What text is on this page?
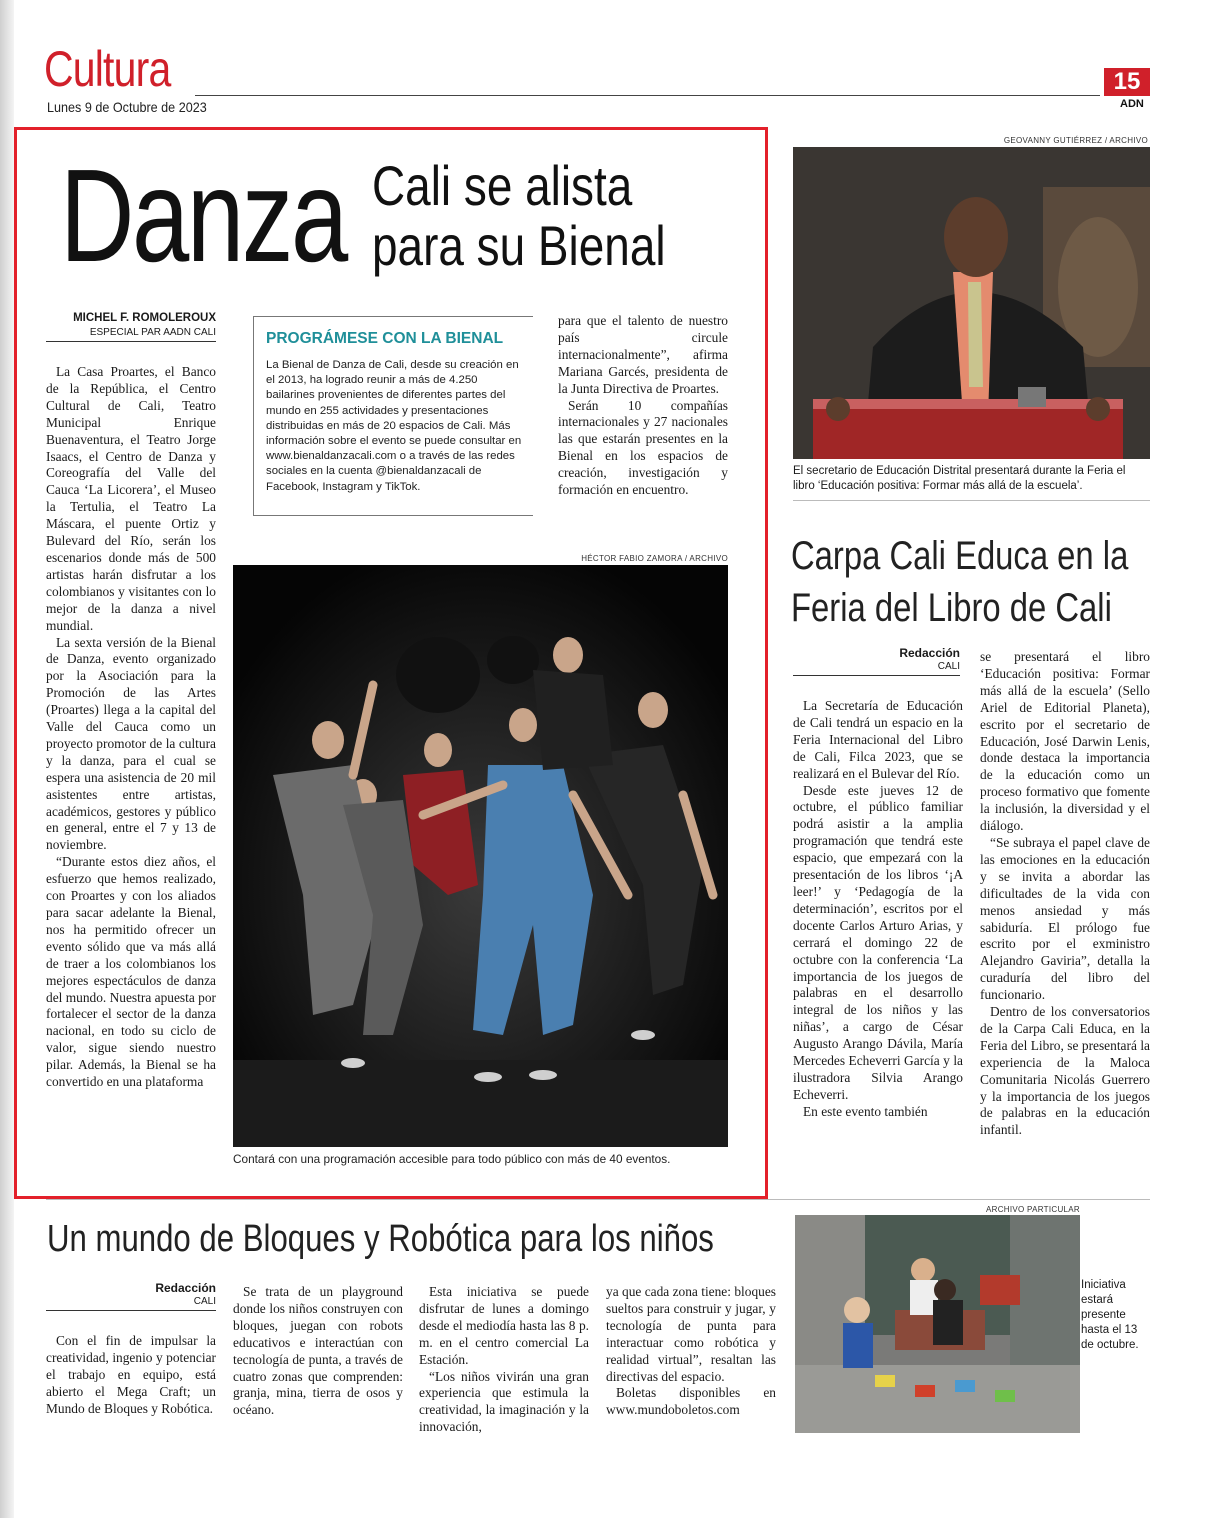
Cultura
Lunes 9 de Octubre de 2023
15
ADN
Danza Cali se alista
para su Bienal
MICHEL F. ROMOLEROUX
ESPECIAL PAR AADN CALI

La Casa Proartes, el Banco de la República, el Centro Cultural de Cali, Teatro Municipal Enrique Buenaventura, el Teatro Jorge Isaacs, el Centro de Danza y Coreografía del Valle del Cauca ‘La Licorera’, el Museo la Tertulia, el Teatro La Máscara, el puente Ortiz y Bulevard del Río, serán los escenarios donde más de 500 artistas harán disfrutar a los colombianos y visitantes con lo mejor de la danza a nivel mundial.

La sexta versión de la Bienal de Danza, evento organizado por la Asociación para la Promoción de las Artes (Proartes) llega a la capital del Valle del Cauca como un proyecto promotor de la cultura y la danza, para el cual se espera una asistencia de 20 mil asistentes entre artistas, académicos, gestores y público en general, entre el 7 y 13 de noviembre.

“Durante estos diez años, el esfuerzo que hemos realizado, con Proartes y con los aliados para sacar adelante la Bienal, nos ha permitido ofrecer un evento sólido que va más allá de traer a los colombianos los mejores espectáculos de danza del mundo. Nuestra apuesta por fortalecer el sector de la danza nacional, en todo su ciclo de valor, sigue siendo nuestro pilar. Además, la Bienal se ha convertido en una plataforma

PROGRÁMESE CON LA BIENAL
La Bienal de Danza de Cali, desde su creación en el 2013, ha logrado reunir a más de 4.250 bailarines provenientes de diferentes partes del mundo en 255 actividades y presentaciones distribuidas en más de 20 espacios de Cali. Más información sobre el evento se puede consultar en www.bienaldanzacali.com o a través de las redes sociales en la cuenta @bienaldanzacali de Facebook, Instagram y TikTok.

para que el talento de nuestro país circule internacionalmente”, afirma Mariana Garcés, presidenta de la Junta Directiva de Proartes.

Serán 10 compañías internacionales y 27 nacionales las que estarán presentes en la Bienal en los espacios de creación, investigación y formación en encuentro.

HÉCTOR FABIO ZAMORA / ARCHIVO
Contará con una programación accesible para todo público con más de 40 eventos.
GEOVANNY GUTIÉRREZ / ARCHIVO
El secretario de Educación Distrital presentará durante la Feria el libro ‘Educación positiva: Formar más allá de la escuela’.
Carpa Cali Educa en la
Feria del Libro de Cali
Redacción
CALI

La Secretaría de Educación de Cali tendrá un espacio en la Feria Internacional del Libro de Cali, Filca 2023, que se realizará en el Bulevar del Río.

Desde este jueves 12 de octubre, el público familiar podrá asistir a la amplia programación que tendrá este espacio, que empezará con la presentación de los libros ‘¡A leer!’ y ‘Pedagogía de la determinación’, escritos por el docente Carlos Arturo Arias, y cerrará el domingo 22 de octubre con la conferencia ‘La importancia de los juegos de palabras en el desarrollo integral de los niños y las niñas’, a cargo de César Augusto Arango Dávila, María Mercedes Echeverri García y la ilustradora Silvia Arango Echeverri.

En este evento también

se presentará el libro ‘Educación positiva: Formar más allá de la escuela’ (Sello Ariel de Editorial Planeta), escrito por el secretario de Educación, José Darwin Lenis, donde destaca la importancia de la educación como un proceso formativo que fomente la inclusión, la diversidad y el diálogo.

“Se subraya el papel clave de las emociones en la educación y se invita a abordar las dificultades de la vida con menos ansiedad y más sabiduría. El prólogo fue escrito por el exministro Alejandro Gaviria”, detalla la curaduría del libro del funcionario.

Dentro de los conversatorios de la Carpa Cali Educa, en la Feria del Libro, se presentará la experiencia de la Maloca Comunitaria Nicolás Guerrero y la importancia de los juegos de palabras en la educación infantil.

Un mundo de Bloques y Robótica para los niños
Redacción
CALI

Con el fin de impulsar la creatividad, ingenio y potenciar el trabajo en equipo, está abierto el Mega Craft; un Mundo de Bloques y Robótica.

Se trata de un playground donde los niños construyen con bloques, juegan con robots educativos e interactúan con tecnología de punta, a través de cuatro zonas que comprenden: granja, mina, tierra de osos y océano.

Esta iniciativa se puede disfrutar de lunes a domingo desde el mediodía hasta las 8 p. m. en el centro comercial La Estación.

“Los niños vivirán una gran experiencia que estimula la creatividad, la imaginación y la innovación,

ya que cada zona tiene: bloques sueltos para construir y jugar, y tecnología de punta para interactuar como robótica y realidad virtual”, resaltan las directivas del espacio.

Boletas disponibles en www.mundoboletos.com

ARCHIVO PARTICULAR
Iniciativa estará presente hasta el 13 de octubre.
